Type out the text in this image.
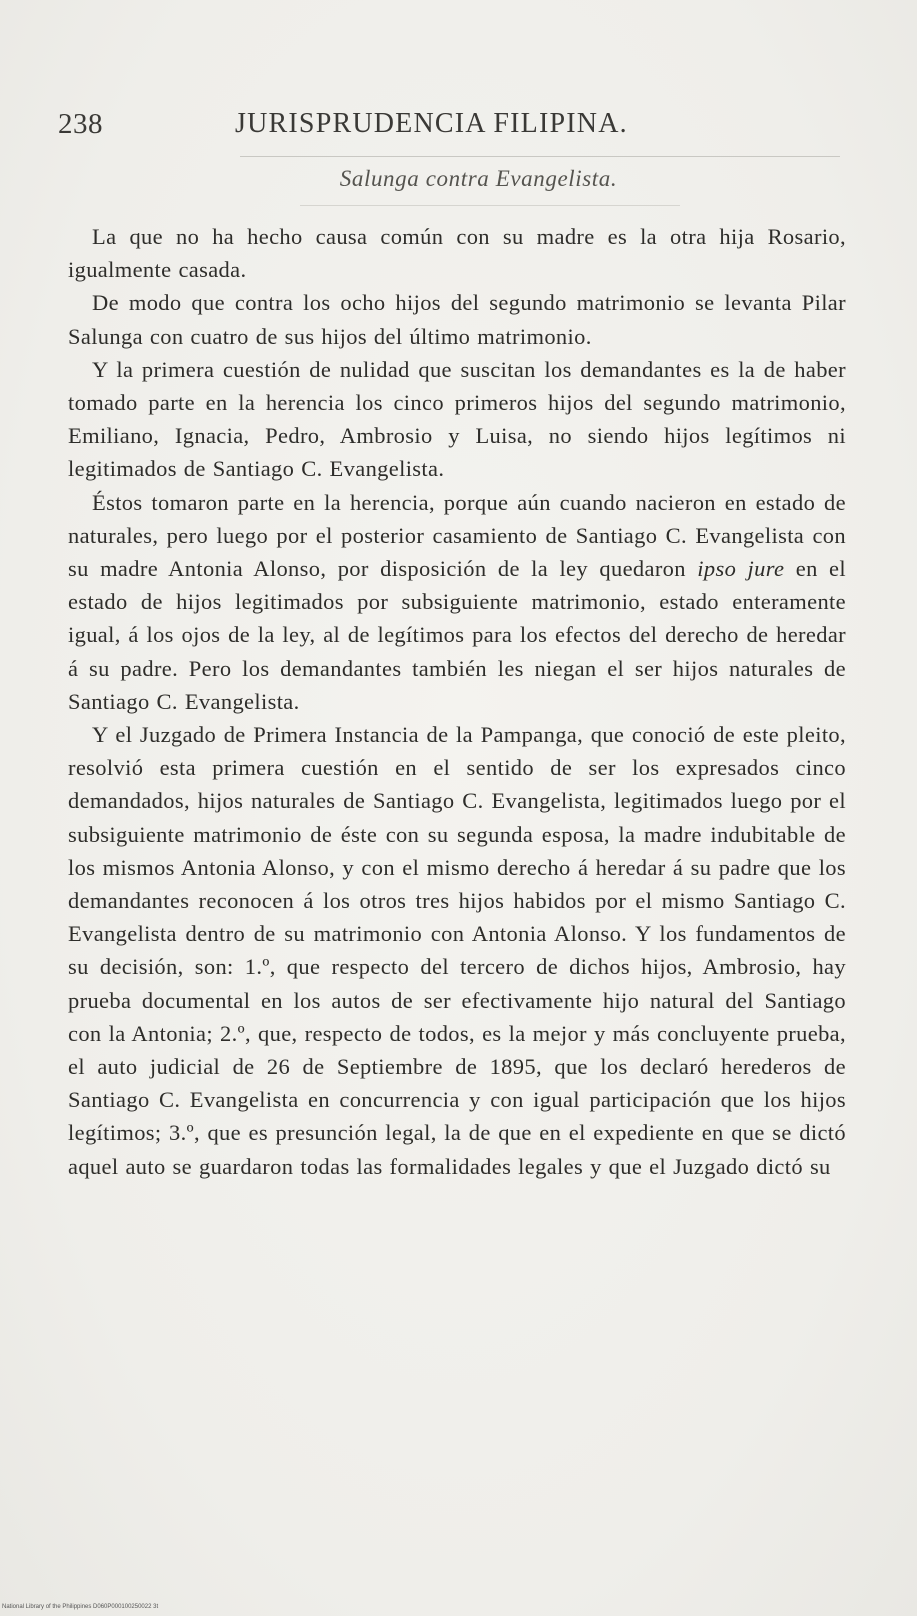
238	JURISPRUDENCIA FILIPINA.
Salunga contra Evangelista.

La que no ha hecho causa común con su madre es la otra hija Rosario, igualmente casada.

De modo que contra los ocho hijos del segundo matrimonio se levanta Pilar Salunga con cuatro de sus hijos del último matrimonio.

Y la primera cuestión de nulidad que suscitan los demandantes es la de haber tomado parte en la herencia los cinco primeros hijos del segundo matrimonio, Emiliano, Ignacia, Pedro, Ambrosio y Luisa, no siendo hijos legítimos ni legitimados de Santiago C. Evangelista.

Éstos tomaron parte en la herencia, porque aún cuando nacieron en estado de naturales, pero luego por el posterior casamiento de Santiago C. Evangelista con su madre Antonia Alonso, por disposición de la ley quedaron ipso jure en el estado de hijos legitimados por subsiguiente matrimonio, estado enteramente igual, á los ojos de la ley, al de legítimos para los efectos del derecho de heredar á su padre. Pero los demandantes también les niegan el ser hijos naturales de Santiago C. Evangelista.

Y el Juzgado de Primera Instancia de la Pampanga, que conoció de este pleito, resolvió esta primera cuestión en el sentido de ser los expresados cinco demandados, hijos naturales de Santiago C. Evangelista, legitimados luego por el subsiguiente matrimonio de éste con su segunda esposa, la madre indubitable de los mismos Antonia Alonso, y con el mismo derecho á heredar á su padre que los demandantes reconocen á los otros tres hijos habidos por el mismo Santiago C. Evangelista dentro de su matrimonio con Antonia Alonso. Y los fundamentos de su decisión, son: 1.º, que respecto del tercero de dichos hijos, Ambrosio, hay prueba documental en los autos de ser efectivamente hijo natural del Santiago con la Antonia; 2.º, que, respecto de todos, es la mejor y más concluyente prueba, el auto judicial de 26 de Septiembre de 1895, que los declaró herederos de Santiago C. Evangelista en concurrencia y con igual participación que los hijos legítimos; 3.º, que es presunción legal, la de que en el expediente en que se dictó aquel auto se guardaron todas las formalidades legales y que el Juzgado dictó su

National Library of the Philippines D060P000100250022 3t
